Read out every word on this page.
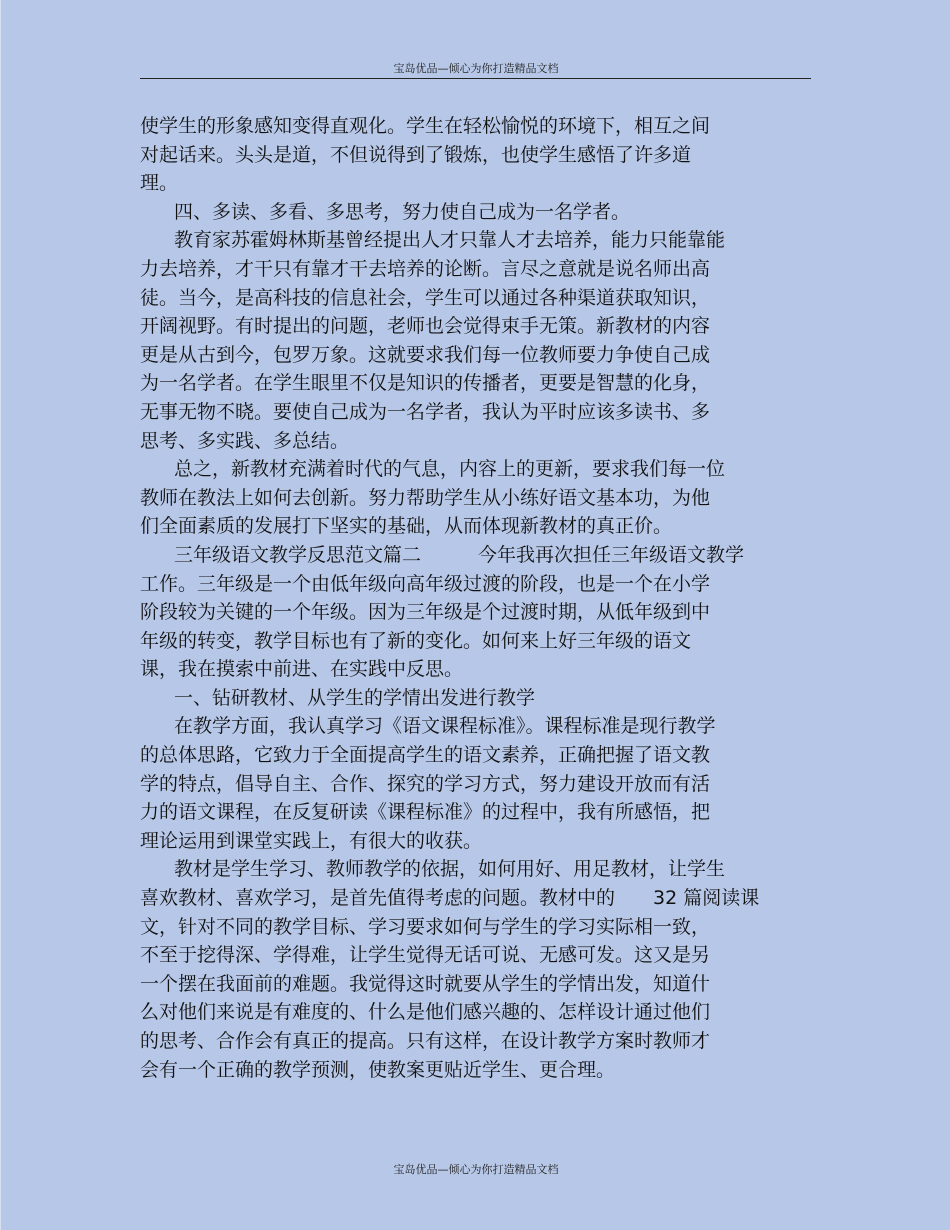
宝岛优品—倾心为你打造精品文档
使学生的形象感知变得直观化。学生在轻松愉悦的环境下，相互之间
对起话来。头头是道，不但说得到了锻炼，也使学生感悟了许多道
理。
四、多读、多看、多思考，努力使自己成为一名学者。
教育家苏霍姆林斯基曾经提出人才只靠人才去培养，能力只能靠能
力去培养，才干只有靠才干去培养的论断。言尽之意就是说名师出高
徒。当今，是高科技的信息社会，学生可以通过各种渠道获取知识，
开阔视野。有时提出的问题，老师也会觉得束手无策。新教材的内容
更是从古到今，包罗万象。这就要求我们每一位教师要力争使自己成
为一名学者。在学生眼里不仅是知识的传播者，更要是智慧的化身，
无事无物不晓。要使自己成为一名学者，我认为平时应该多读书、多
思考、多实践、多总结。
总之，新教材充满着时代的气息，内容上的更新，要求我们每一位
教师在教法上如何去创新。努力帮助学生从小练好语文基本功，为他
们全面素质的发展打下坚实的基础，从而体现新教材的真正价。
三年级语文教学反思范文篇二　　　今年我再次担任三年级语文教学
工作。三年级是一个由低年级向高年级过渡的阶段，也是一个在小学
阶段较为关键的一个年级。因为三年级是个过渡时期，从低年级到中
年级的转变，教学目标也有了新的变化。如何来上好三年级的语文
课，我在摸索中前进、在实践中反思。
一、钻研教材、从学生的学情出发进行教学
在教学方面，我认真学习《语文课程标准》。课程标准是现行教学
的总体思路，它致力于全面提高学生的语文素养，正确把握了语文教
学的特点，倡导自主、合作、探究的学习方式，努力建设开放而有活
力的语文课程，在反复研读《课程标准》的过程中，我有所感悟，把
理论运用到课堂实践上，有很大的收获。
教材是学生学习、教师教学的依据，如何用好、用足教材，让学生
喜欢教材、喜欢学习，是首先值得考虑的问题。教材中的　　32 篇阅读课
文，针对不同的教学目标、学习要求如何与学生的学习实际相一致，
不至于挖得深、学得难，让学生觉得无话可说、无感可发。这又是另
一个摆在我面前的难题。我觉得这时就要从学生的学情出发，知道什
么对他们来说是有难度的、什么是他们感兴趣的、怎样设计通过他们
的思考、合作会有真正的提高。只有这样，在设计教学方案时教师才
会有一个正确的教学预测，使教案更贴近学生、更合理。
宝岛优品—倾心为你打造精品文档
